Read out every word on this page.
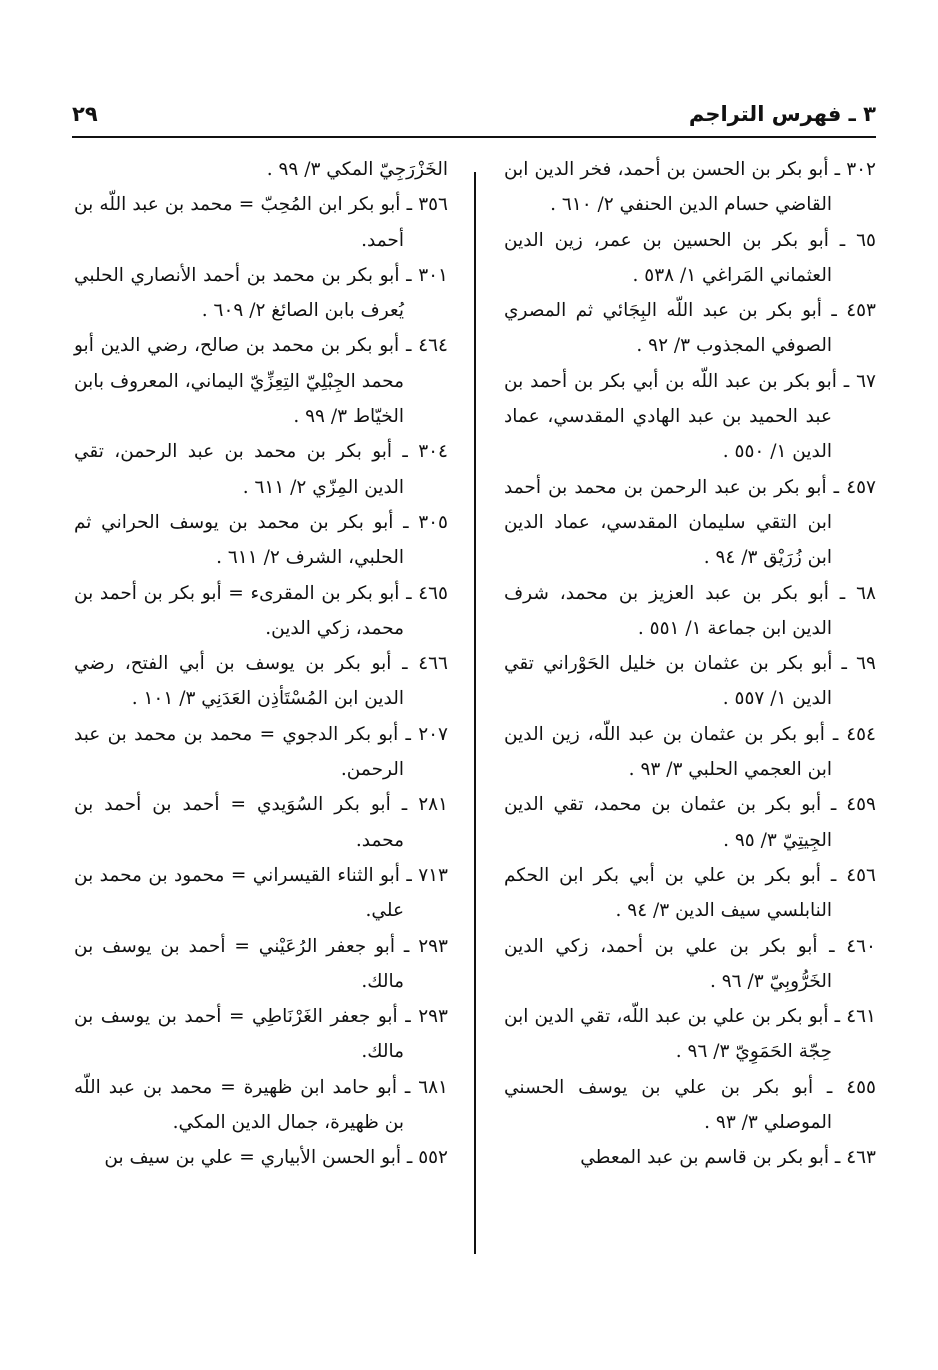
٢٩	٣ ـ فهرس التراجم
٣٠٢ ـ أبو بكر بن الحسن بن أحمد، فخر الدين ابن القاضي حسام الدين الحنفي ٢/ ٦١٠ .
٦٥ ـ أبو بكر بن الحسين بن عمر، زين الدين العثماني المَراغي ١/ ٥٣٨ .
٤٥٣ ـ أبو بكر بن عبد اللّه البِجَائي ثم المصري الصوفي المجذوب ٣/ ٩٢ .
٦٧ ـ أبو بكر بن عبد اللّه بن أبي بكر بن أحمد بن عبد الحميد بن عبد الهادي المقدسي، عماد الدين ١/ ٥٥٠ .
٤٥٧ ـ أبو بكر بن عبد الرحمن بن محمد بن أحمد ابن التقي سليمان المقدسي، عماد الدين ابن زُرَيْق ٣/ ٩٤ .
٦٨ ـ أبو بكر بن عبد العزيز بن محمد، شرف الدين ابن جماعة ١/ ٥٥١ .
٦٩ ـ أبو بكر بن عثمان بن خليل الحَوْراني تقي الدين ١/ ٥٥٧ .
٤٥٤ ـ أبو بكر بن عثمان بن عبد اللّه، زين الدين ابن العجمي الحلبي ٣/ ٩٣ .
٤٥٩ ـ أبو بكر بن عثمان بن محمد، تقي الدين الجِيتِيّ ٣/ ٩٥ .
٤٥٦ ـ أبو بكر بن علي بن أبي بكر ابن الحكم النابلسي سيف الدين ٣/ ٩٤ .
٤٦٠ ـ أبو بكر بن علي بن أحمد، زكي الدين الخَرُّوبِيّ ٣/ ٩٦ .
٤٦١ ـ أبو بكر بن علي بن عبد اللّه، تقي الدين ابن حِجّة الحَمَوِيّ ٣/ ٩٦ .
٤٥٥ ـ أبو بكر بن علي بن يوسف الحسني الموصلي ٣/ ٩٣ .
٤٦٣ ـ أبو بكر بن قاسم بن عبد المعطي
الخَزْرَجِيّ المكي ٣/ ٩٩ .
٣٥٦ ـ أبو بكر ابن المُحِبّ = محمد بن عبد اللّه بن أحمد.
٣٠١ ـ أبو بكر بن محمد بن أحمد الأنصاري الحلبي يُعرف بابن الصائغ ٢/ ٦٠٩ .
٤٦٤ ـ أبو بكر بن محمد بن صالح، رضي الدين أبو محمد الجِبْلِيّ التِعِزِّيّ اليماني، المعروف بابن الخيّاط ٣/ ٩٩ .
٣٠٤ ـ أبو بكر بن محمد بن عبد الرحمن، تقي الدين المِزّي ٢/ ٦١١ .
٣٠٥ ـ أبو بكر بن محمد بن يوسف الحراني ثم الحلبي، الشرف ٢/ ٦١١ .
٤٦٥ ـ أبو بكر بن المقرىء = أبو بكر بن أحمد بن محمد، زكي الدين.
٤٦٦ ـ أبو بكر بن يوسف بن أبي الفتح، رضي الدين ابن المُسْتَأذِن العَدَنِي ٣/ ١٠١ .
٢٠٧ ـ أبو بكر الدجوي = محمد بن محمد بن عبد الرحمن.
٢٨١ ـ أبو بكر السُوَيدي = أحمد بن أحمد بن محمد.
٧١٣ ـ أبو الثناء القيسراني = محمود بن محمد بن علي.
٢٩٣ ـ أبو جعفر الرُعَيْني = أحمد بن يوسف بن مالك.
٢٩٣ ـ أبو جعفر الغَرْنَاطِي = أحمد بن يوسف بن مالك.
٦٨١ ـ أبو حامد ابن ظهيرة = محمد بن عبد اللّه بن ظهيرة، جمال الدين المكي.
٥٥٢ ـ أبو الحسن الأبياري = علي بن سيف بن
